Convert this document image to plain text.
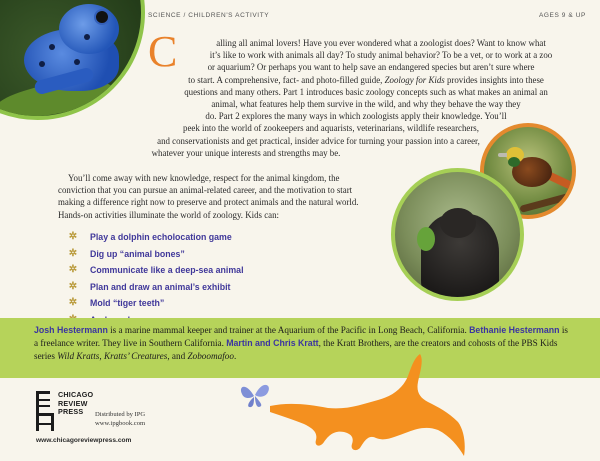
SCIENCE / CHILDREN'S ACTIVITY	AGES 9 & UP
C	alling all animal lovers! Have you ever wondered what a zoologist does? Want to know what
it’s like to work with animals all day? To study animal behavior? To be a vet, or to work at a zoo
or aquarium? Or perhaps you want to help save an endangered species but aren’t sure where
to start. A comprehensive, fact- and photo-filled guide, Zoology for Kids provides insights into these
questions and many others. Part 1 introduces basic zoology concepts such as what makes an animal an
animal, what features help them survive in the wild, and why they behave the way they
do. Part 2 explores the many ways in which zoologists apply their knowledge. You’ll
peek into the world of zookeepers and aquarists, veterinarians, wildlife researchers,
and conservationists and get practical, insider advice for turning your passion into a career,
whatever your unique interests and strengths may be.
You’ll come away with new knowledge, respect for the animal kingdom, the
conviction that you can pursue an animal-related career, and the motivation to start
making a difference right now to preserve and protect animals and the natural world.
Hands-on activities illuminate the world of zoology. Kids can:
✲ Play a dolphin echolocation game
✲ Dig up “animal bones”
✲ Communicate like a deep-sea animal
✲ Plan and draw an animal’s exhibit
✲ Mold “tiger teeth”
Josh Hestermann is a marine mammal keeper and trainer at the Aquarium of the Pacific in Long Beach, California. Bethanie Hestermann is a freelance writer. They live in Southern California. Martin and Chris Kratt, the Kratt Brothers, are the creators and cohosts of the PBS Kids series Wild Kratts, Kratts’ Creatures, and Zoboomafoo.
CHICAGO
REVIEW
PRESS	Distributed by IPG
www.ipgbook.com
www.chicagoreviewpress.com
